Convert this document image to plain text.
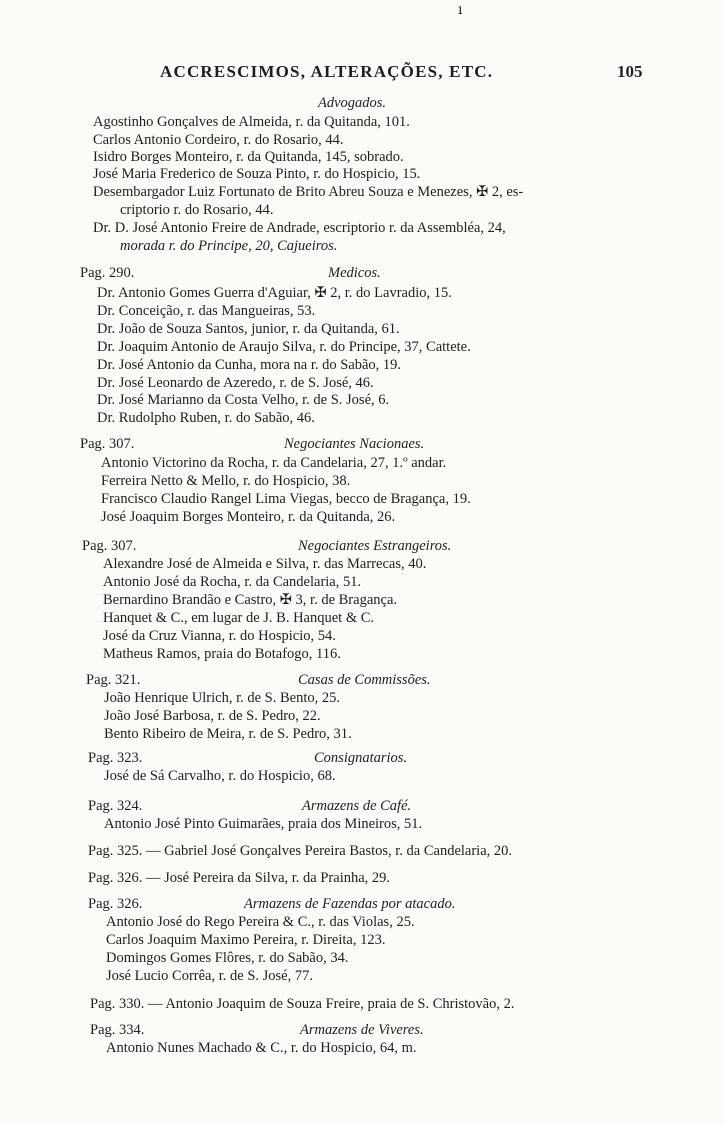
ı
ACCRESCIMOS, ALTERAÇÕES, ETC.	105
Advogados.
Agostinho Gonçalves de Almeida, r. da Quitanda, 101.
Carlos Antonio Cordeiro, r. do Rosario, 44.
Isidro Borges Monteiro, r. da Quitanda, 145, sobrado.
José Maria Frederico de Souza Pinto, r. do Hospicio, 15.
Desembargador Luiz Fortunato de Brito Abreu Souza e Menezes, ✠ 2, es-
criptorio r. do Rosario, 44.
Dr. D. José Antonio Freire de Andrade, escriptorio r. da Assembléa, 24,
morada r. do Principe, 20, Cajueiros.
Pag. 290.	Medicos.
Dr. Antonio Gomes Guerra d'Aguiar, ✠ 2, r. do Lavradio, 15.
Dr. Conceição, r. das Mangueiras, 53.
Dr. João de Souza Santos, junior, r. da Quitanda, 61.
Dr. Joaquim Antonio de Araujo Silva, r. do Principe, 37, Cattete.
Dr. José Antonio da Cunha, mora na r. do Sabão, 19.
Dr. José Leonardo de Azeredo, r. de S. José, 46.
Dr. José Marianno da Costa Velho, r. de S. José, 6.
Dr. Rudolpho Ruben, r. do Sabão, 46.
Pag. 307.	Negociantes Nacionaes.
Antonio Victorino da Rocha, r. da Candelaria, 27, 1.º andar.
Ferreira Netto & Mello, r. do Hospicio, 38.
Francisco Claudio Rangel Lima Viegas, becco de Bragança, 19.
José Joaquim Borges Monteiro, r. da Quitanda, 26.
Pag. 307.	Negociantes Estrangeiros.
Alexandre José de Almeida e Silva, r. das Marrecas, 40.
Antonio José da Rocha, r. da Candelaria, 51.
Bernardino Brandão e Castro, ✠ 3, r. de Bragança.
Hanquet & C., em lugar de J. B. Hanquet & C.
José da Cruz Vianna, r. do Hospicio, 54.
Matheus Ramos, praia do Botafogo, 116.
Pag. 321.	Casas de Commissões.
João Henrique Ulrich, r. de S. Bento, 25.
João José Barbosa, r. de S. Pedro, 22.
Bento Ribeiro de Meira, r. de S. Pedro, 31.
Pag. 323.	Consignatarios.
José de Sá Carvalho, r. do Hospicio, 68.
Pag. 324.	Armazens de Café.
Antonio José Pinto Guimarães, praia dos Mineiros, 51.
Pag. 325. — Gabriel José Gonçalves Pereira Bastos, r. da Candelaria, 20.
Pag. 326. — José Pereira da Silva, r. da Prainha, 29.
Pag. 326.	Armazens de Fazendas por atacado.
Antonio José do Rego Pereira & C., r. das Violas, 25.
Carlos Joaquim Maximo Pereira, r. Direita, 123.
Domingos Gomes Flôres, r. do Sabão, 34.
José Lucio Corrêa, r. de S. José, 77.
Pag. 330. — Antonio Joaquim de Souza Freire, praia de S. Christovão, 2.
Pag. 334.	Armazens de Viveres.
Antonio Nunes Machado & C., r. do Hospicio, 64, m.
